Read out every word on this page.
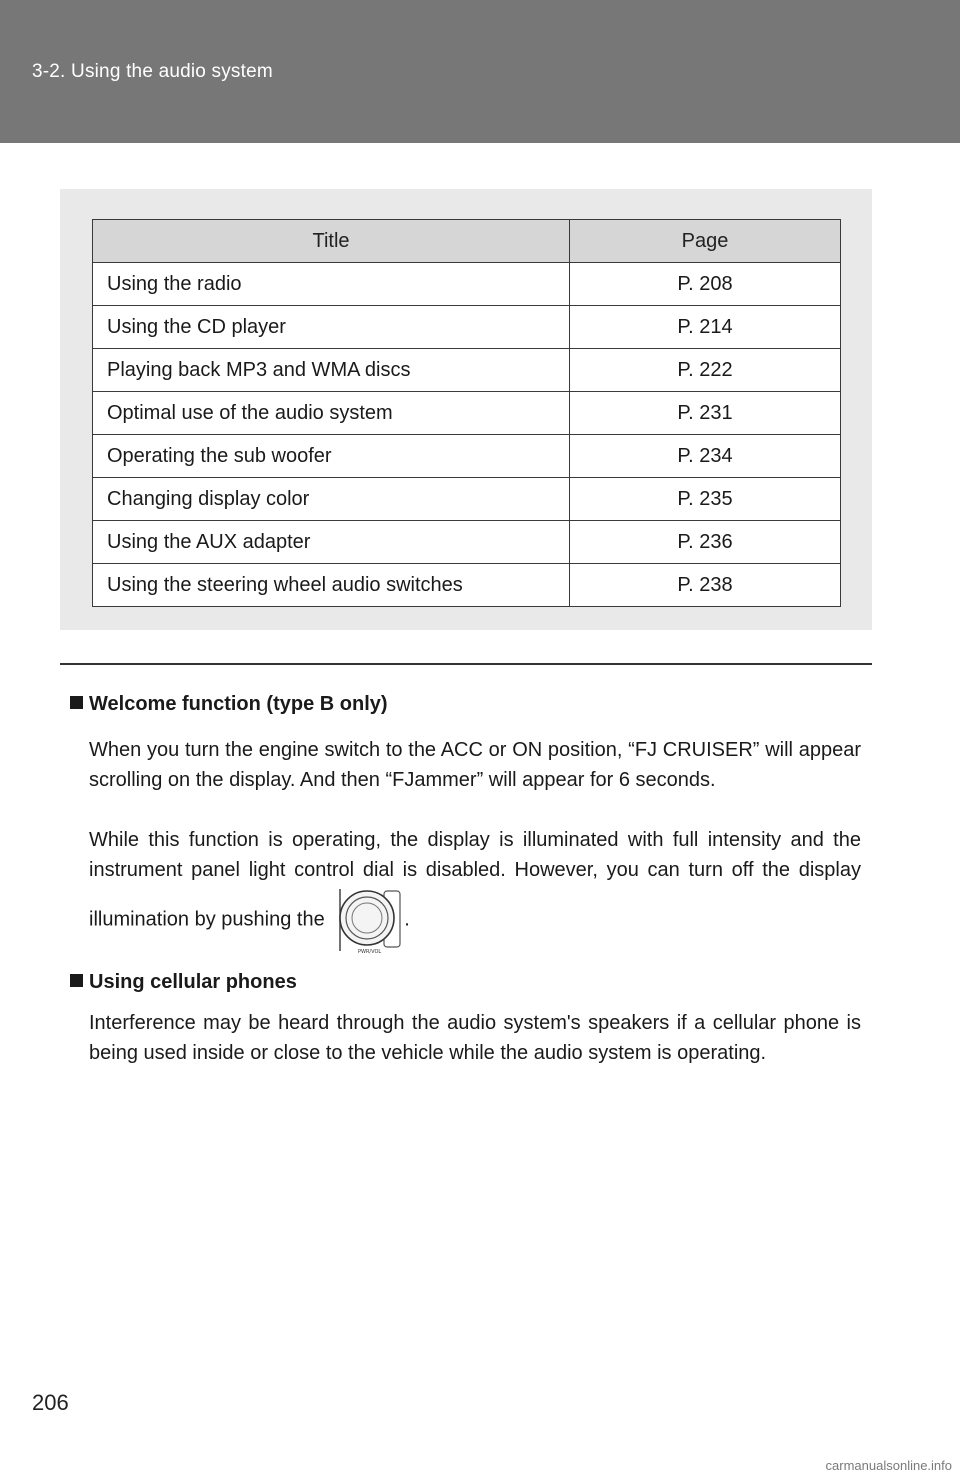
3-2. Using the audio system
Title	Page
Using the radio	P. 208
Using the CD player	P. 214
Playing back MP3 and WMA discs	P. 222
Optimal use of the audio system	P. 231
Operating the sub woofer	P. 234
Changing display color	P. 235
Using the AUX adapter	P. 236
Using the steering wheel audio switches	P. 238
Welcome function (type B only)
When you turn the engine switch to the ACC or ON position, “FJ CRUISER” will appear scrolling on the display. And then “FJammer” will appear for 6 seconds.
While this function is operating, the display is illuminated with full intensity and the instrument panel light control dial is disabled. However, you can turn off the display illumination by pushing the
PWR/VOL
.
Using cellular phones
Interference may be heard through the audio system's speakers if a cellular phone is being used inside or close to the vehicle while the audio system is operating.
206
carmanualsonline.info
